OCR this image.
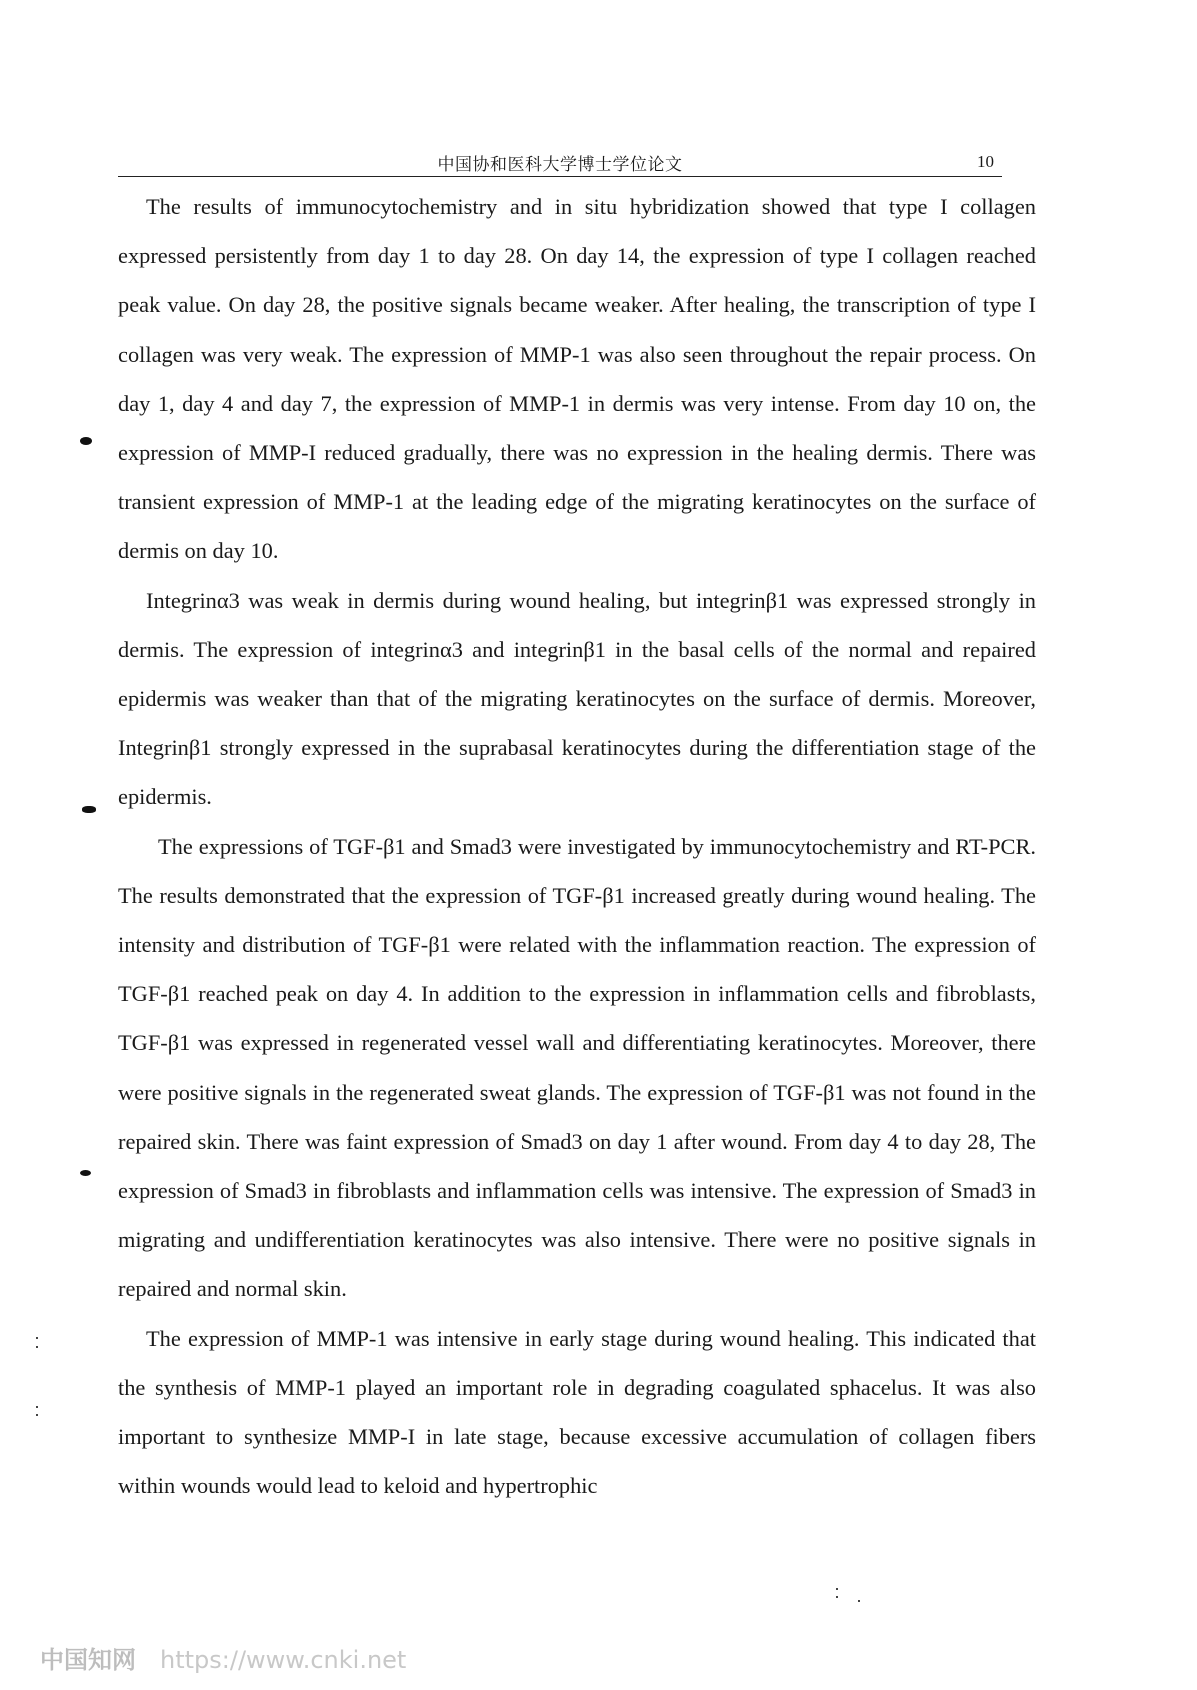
中国协和医科大学博士学位论文	10

The results of immunocytochemistry and in situ hybridization showed that type I collagen expressed persistently from day 1 to day 28. On day 14, the expression of type I collagen reached peak value. On day 28, the positive signals became weaker. After healing, the transcription of type I collagen was very weak. The expression of MMP-1 was also seen throughout the repair process. On day 1, day 4 and day 7, the expression of MMP-1 in dermis was very intense. From day 10 on, the expression of MMP-I reduced gradually, there was no expression in the healing dermis. There was transient expression of MMP-1 at the leading edge of the migrating keratinocytes on the surface of dermis on day 10.

Integrinα3 was weak in dermis during wound healing, but integrinβ1 was expressed strongly in dermis. The expression of integrinα3 and integrinβ1 in the basal cells of the normal and repaired epidermis was weaker than that of the migrating keratinocytes on the surface of dermis. Moreover, Integrinβ1 strongly expressed in the suprabasal keratinocytes during the differentiation stage of the epidermis.

The expressions of TGF-β1 and Smad3 were investigated by immunocytochemistry and RT-PCR. The results demonstrated that the expression of TGF-β1 increased greatly during wound healing. The intensity and distribution of TGF-β1 were related with the inflammation reaction. The expression of TGF-β1 reached peak on day 4. In addition to the expression in inflammation cells and fibroblasts, TGF-β1 was expressed in regenerated vessel wall and differentiating keratinocytes. Moreover, there were positive signals in the regenerated sweat glands. The expression of TGF-β1 was not found in the repaired skin. There was faint expression of Smad3 on day 1 after wound. From day 4 to day 28, The expression of Smad3 in fibroblasts and inflammation cells was intensive. The expression of Smad3 in migrating and undifferentiation keratinocytes was also intensive. There were no positive signals in repaired and normal skin.

The expression of MMP-1 was intensive in early stage during wound healing. This indicated that the synthesis of MMP-1 played an important role in degrading coagulated sphacelus. It was also important to synthesize MMP-I in late stage, because excessive accumulation of collagen fibers within wounds would lead to keloid and hypertrophic

中国知网 https://www.cnki.net
